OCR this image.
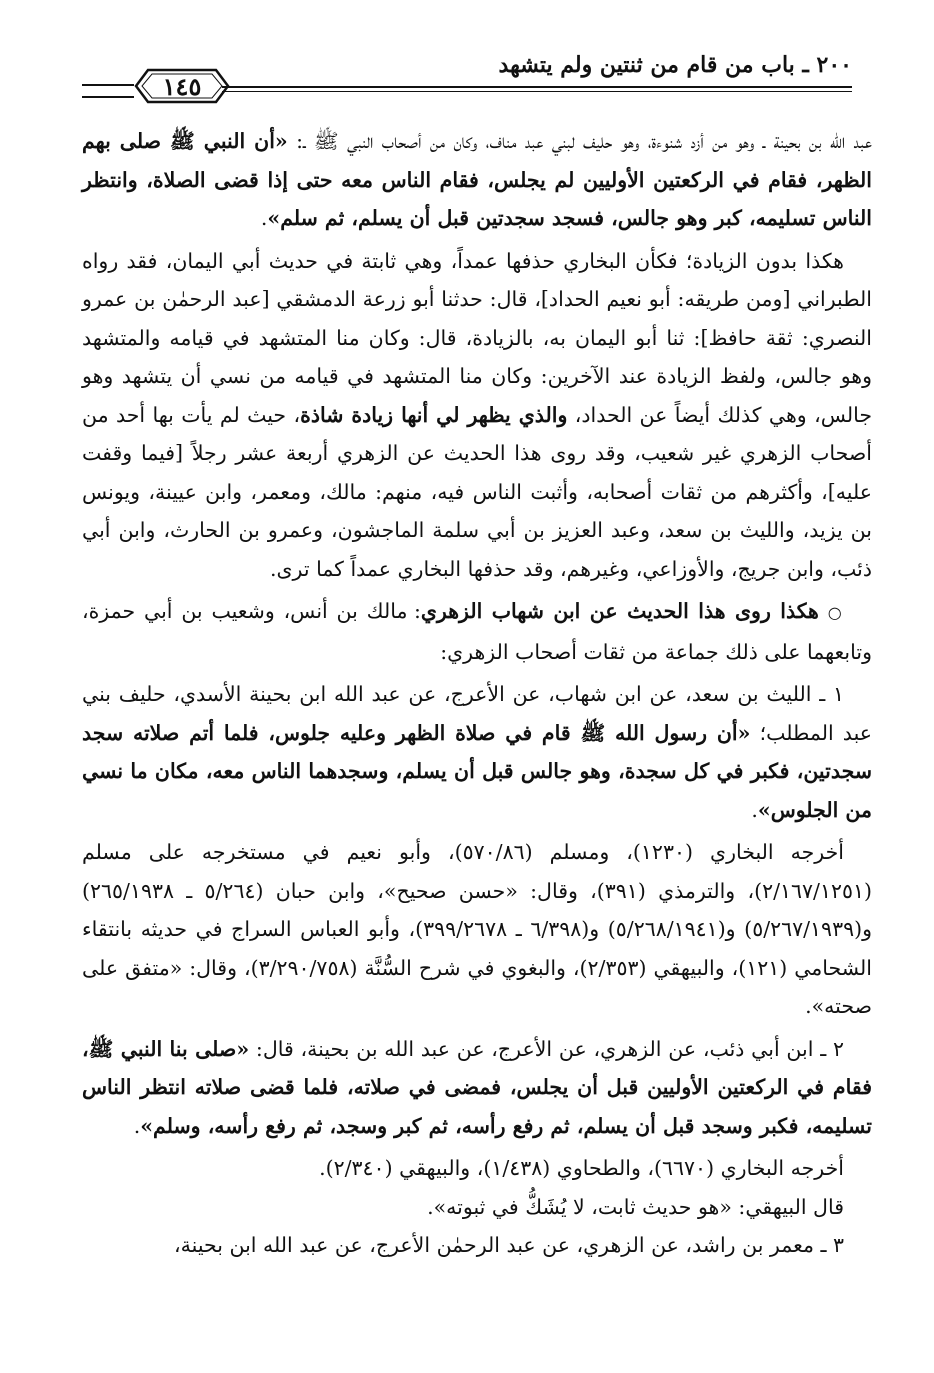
٢٠٠ ـ باب من قام من ثنتين ولم يتشهد
١٤٥

عبد الله بن بحينة ـ وهو من أزد شنوءة، وهو حليف لبني عبد مناف، وكان من أصحاب النبي ﷺ ـ: «أن النبي ﷺ صلى بهم الظهر، فقام في الركعتين الأوليين لم يجلس، فقام الناس معه حتى إذا قضى الصلاة، وانتظر الناس تسليمه، كبر وهو جالس، فسجد سجدتين قبل أن يسلم، ثم سلم».

هكذا بدون الزيادة؛ فكأن البخاري حذفها عمداً، وهي ثابتة في حديث أبي اليمان، فقد رواه الطبراني [ومن طريقه: أبو نعيم الحداد]، قال: حدثنا أبو زرعة الدمشقي [عبد الرحمٰن بن عمرو النصري: ثقة حافظ]: ثنا أبو اليمان به، بالزيادة، قال: وكان منا المتشهد في قيامه والمتشهد وهو جالس، ولفظ الزيادة عند الآخرين: وكان منا المتشهد في قيامه من نسي أن يتشهد وهو جالس، وهي كذلك أيضاً عن الحداد، والذي يظهر لي أنها زيادة شاذة، حيث لم يأت بها أحد من أصحاب الزهري غير شعيب، وقد روى هذا الحديث عن الزهري أربعة عشر رجلاً [فيما وقفت عليه]، وأكثرهم من ثقات أصحابه، وأثبت الناس فيه، منهم: مالك، ومعمر، وابن عيينة، ويونس بن يزيد، والليث بن سعد، وعبد العزيز بن أبي سلمة الماجشون، وعمرو بن الحارث، وابن أبي ذئب، وابن جريج، والأوزاعي، وغيرهم، وقد حذفها البخاري عمداً كما ترى.

○ هكذا روى هذا الحديث عن ابن شهاب الزهري: مالك بن أنس، وشعيب بن أبي حمزة، وتابعهما على ذلك جماعة من ثقات أصحاب الزهري:

١ ـ الليث بن سعد، عن ابن شهاب، عن الأعرج، عن عبد الله ابن بحينة الأسدي، حليف بني عبد المطلب؛ «أن رسول الله ﷺ قام في صلاة الظهر وعليه جلوس، فلما أتم صلاته سجد سجدتين، فكبر في كل سجدة، وهو جالس قبل أن يسلم، وسجدهما الناس معه، مكان ما نسي من الجلوس».

أخرجه البخاري (١٢٣٠)، ومسلم (٥٧٠/٨٦)، وأبو نعيم في مستخرجه على مسلم (٢/١٦٧/١٢٥١)، والترمذي (٣٩١)، وقال: «حسن صحيح»، وابن حبان (٥/٢٦٤ ـ ٢٦٥/١٩٣٨) و(٥/٢٦٧/١٩٣٩) و(٥/٢٦٨/١٩٤١) و(٦/٣٩٨ ـ ٣٩٩/٢٦٧٨)، وأبو العباس السراج في حديثه بانتقاء الشحامي (١٢١)، والبيهقي (٢/٣٥٣)، والبغوي في شرح السُّنَّة (٣/٢٩٠/٧٥٨)، وقال: «متفق على صحته».

٢ ـ ابن أبي ذئب، عن الزهري، عن الأعرج، عن عبد الله بن بحينة، قال: «صلى بنا النبي ﷺ، فقام في الركعتين الأوليين قبل أن يجلس، فمضى في صلاته، فلما قضى صلاته انتظر الناس تسليمه، فكبر وسجد قبل أن يسلم، ثم رفع رأسه، ثم كبر وسجد، ثم رفع رأسه، وسلم».

أخرجه البخاري (٦٦٧٠)، والطحاوي (١/٤٣٨)، والبيهقي (٢/٣٤٠).

قال البيهقي: «هو حديث ثابت، لا يُشَكُّ في ثبوته».

٣ ـ معمر بن راشد، عن الزهري، عن عبد الرحمٰن الأعرج، عن عبد الله ابن بحينة،
